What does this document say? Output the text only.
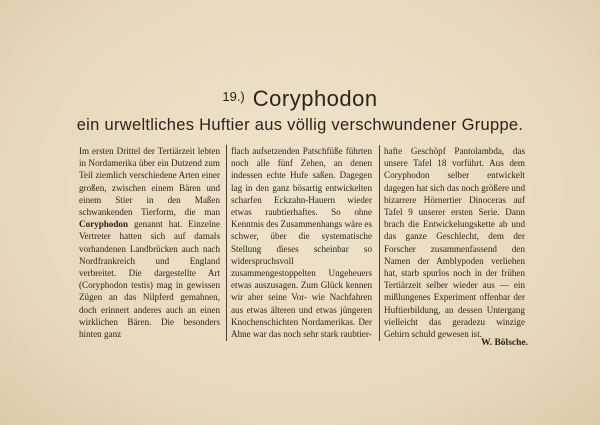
$^{19.)}$ Coryphodon
ein urweltliches Huftier aus völlig verschwundener Gruppe.
Im ersten Drittel der Tertiärzeit lebten in Nordamerika über ein Dutzend zum Teil ziemlich verschiedene Arten einer großen, zwischen einem Bären und einem Stier in den Maßen schwankenden Tierform, die man Coryphodon genannt hat. Einzelne Vertreter hatten sich auf damals vorhandenen Landbrücken auch nach Nordfrankreich und England verbreitet. Die dargestellte Art (Coryphodon testis) mag in gewissen Zügen an das Nilpferd gemahnen, doch erinnert anderes auch an einen wirklichen Bären. Die besonders hinten ganz
flach aufsetzenden Patschfüße führten noch alle fünf Zehen, an denen indessen echte Hufe saßen. Dagegen lag in den ganz bösartig entwickelten scharfen Eckzahn-Hauern wieder etwas raubtierhaftes. So ohne Kenntnis des Zusammenhangs wäre es schwer, über die systematische Stellung dieses scheinbar so widerspruchsvoll zusammengestoppelten Ungeheuers etwas auszusagen. Zum Glück kennen wir aber seine Vor- wie Nachfahren aus etwas älteren und etwas jüngeren Knochenschichten Nordamerikas. Der Ahne war das noch sehr stark raubtier-
hafte Geschöpf Pantolambda, das unsere Tafel 18 vorführt. Aus dem Coryphodon selber entwickelt dagegen hat sich das noch größere und bizarrere Hörnertier Dinoceras auf Tafel 9 unserer ersten Serie. Dann brach die Entwickelungskette ab und das ganze Geschlecht, dem der Forscher zusammenfassend den Namen der Amblypoden verliehen hat, starb spurlos noch in der frühen Tertiärzeit selber wieder aus — ein mißlungenes Experiment offenbar der Huftierbildung, an dessen Untergang vielleicht das geradezu winzige Gehirn schuld gewesen ist.
W. Bölsche.
